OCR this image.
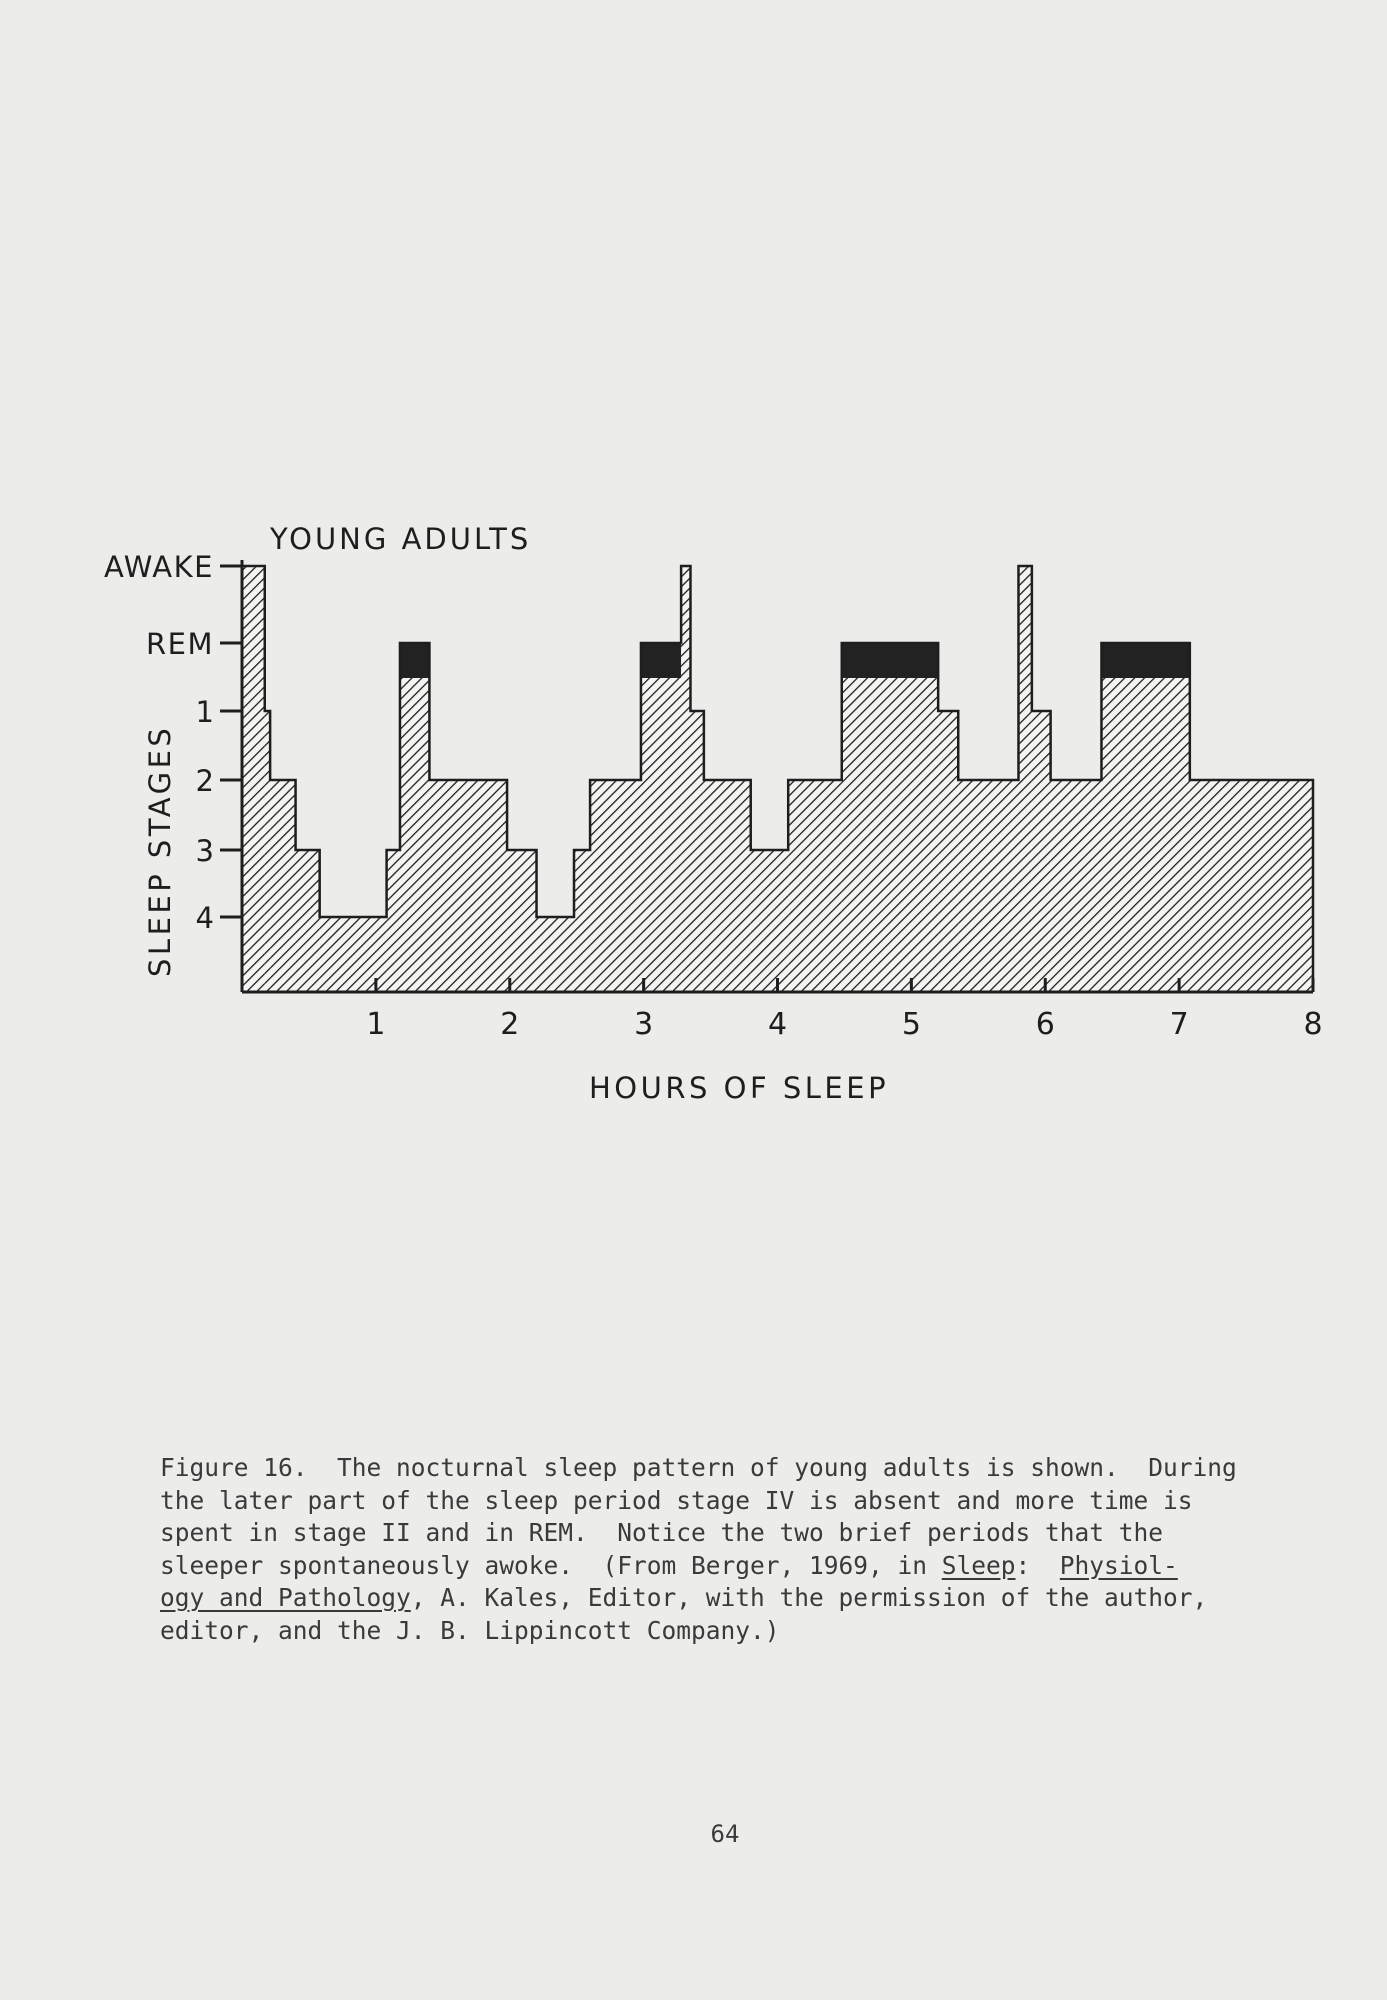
YOUNG ADULTS
HOURS OF SLEEP
SLEEP STAGES
1	2	3	4	5	6	7	8
AWAKE
REM
1
2
3
4
Figure 16.  The nocturnal sleep pattern of young adults is shown.  During
the later part of the sleep period stage IV is absent and more time is
spent in stage II and in REM.  Notice the two brief periods that the
sleeper spontaneously awoke.  (From Berger, 1969, in Sleep:  Physiol-
ogy and Pathology, A. Kales, Editor, with the permission of the author,
editor, and the J. B. Lippincott Company.)
64
